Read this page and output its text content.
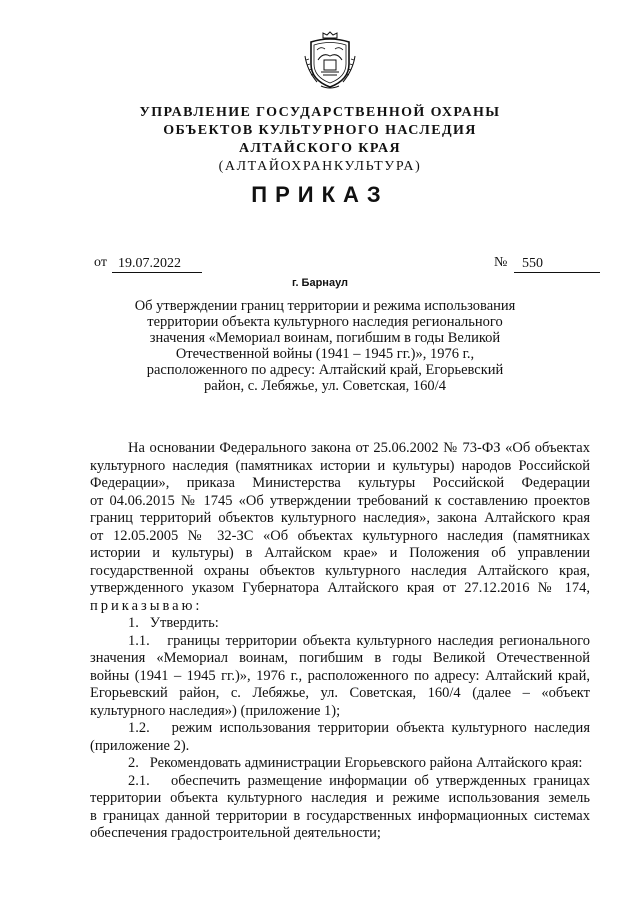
УПРАВЛЕНИЕ ГОСУДАРСТВЕННОЙ ОХРАНЫ
ОБЪЕКТОВ КУЛЬТУРНОГО НАСЛЕДИЯ
АЛТАЙСКОГО КРАЯ
(АЛТАЙОХРАНКУЛЬТУРА)
ПРИКАЗ
от 19.07.2022	№	550
г. Барнаул
Об утверждении границ территории и режима использования
территории объекта культурного наследия регионального
значения «Мемориал воинам, погибшим в годы Великой
Отечественной войны (1941 – 1945 гг.)», 1976 г.,
расположенного по адресу: Алтайский край, Егорьевский
район, с. Лебяжье, ул. Советская, 160/4
На основании Федерального закона от 25.06.2002 № 73-ФЗ «Об объектах
культурного наследия (памятниках истории и культуры) народов Российской
Федерации», приказа Министерства культуры Российской Федерации
от 04.06.2015 № 1745 «Об утверждении требований к составлению проектов
границ территорий объектов культурного наследия», закона Алтайского края
от 12.05.2005 № 32-ЗС «Об объектах культурного наследия (памятниках
истории и культуры) в Алтайском крае» и Положения об управлении
государственной охраны объектов культурного наследия Алтайского края,
утвержденного указом Губернатора Алтайского края от 27.12.2016 № 174,
приказываю:
1.   Утвердить:
1.1.   границы территории объекта культурного наследия регионального
значения «Мемориал воинам, погибшим в годы Великой Отечественной
войны (1941 – 1945 гг.)», 1976 г., расположенного по адресу: Алтайский край,
Егорьевский район, с. Лебяжье, ул. Советская, 160/4 (далее – «объект
культурного наследия») (приложение 1);
1.2.   режим использования территории объекта культурного наследия
(приложение 2).
2.   Рекомендовать администрации Егорьевского района Алтайского края:
2.1.   обеспечить размещение информации об утвержденных границах
территории объекта культурного наследия и режиме использования земель
в границах данной территории в государственных информационных системах
обеспечения градостроительной деятельности;
